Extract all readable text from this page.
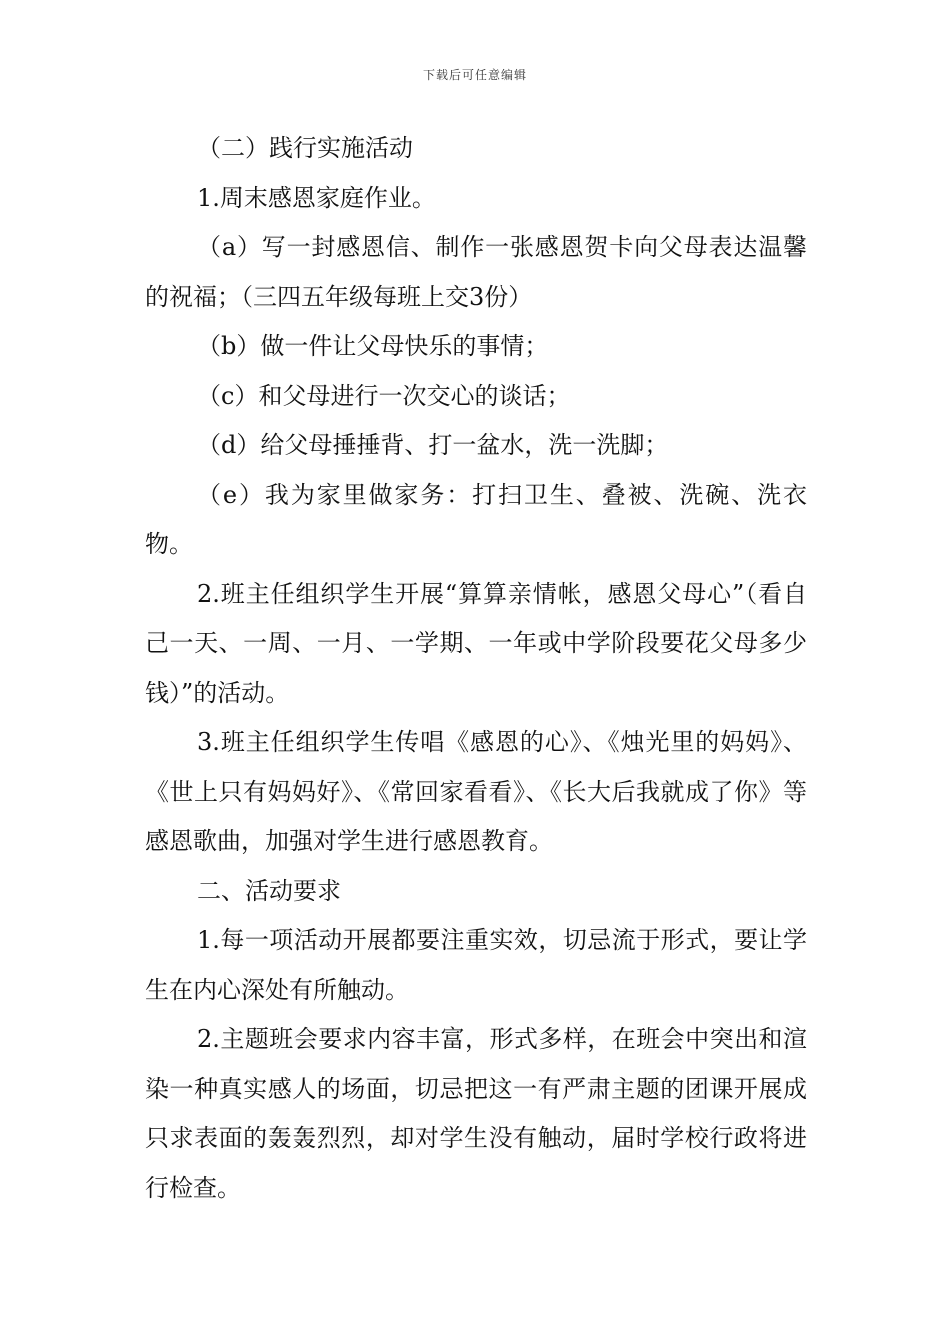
下载后可任意编辑

（二）践行实施活动

1.周末感恩家庭作业。

（a）写一封感恩信、制作一张感恩贺卡向父母表达温馨的祝福；（三四五年级每班上交3份）

（b）做一件让父母快乐的事情；

（c）和父母进行一次交心的谈话；

（d）给父母捶捶背、打一盆水，洗一洗脚；

（e）我为家里做家务：打扫卫生、叠被、洗碗、洗衣物。

2.班主任组织学生开展“算算亲情帐，感恩父母心”（看自己一天、一周、一月、一学期、一年或中学阶段要花父母多少钱）”的活动。

3.班主任组织学生传唱《感恩的心》、《烛光里的妈妈》、《世上只有妈妈好》、《常回家看看》、《长大后我就成了你》等感恩歌曲，加强对学生进行感恩教育。

二、活动要求

1.每一项活动开展都要注重实效，切忌流于形式，要让学生在内心深处有所触动。

2.主题班会要求内容丰富，形式多样，在班会中突出和渲染一种真实感人的场面，切忌把这一有严肃主题的团课开展成只求表面的轰轰烈烈，却对学生没有触动，届时学校行政将进行检查。
